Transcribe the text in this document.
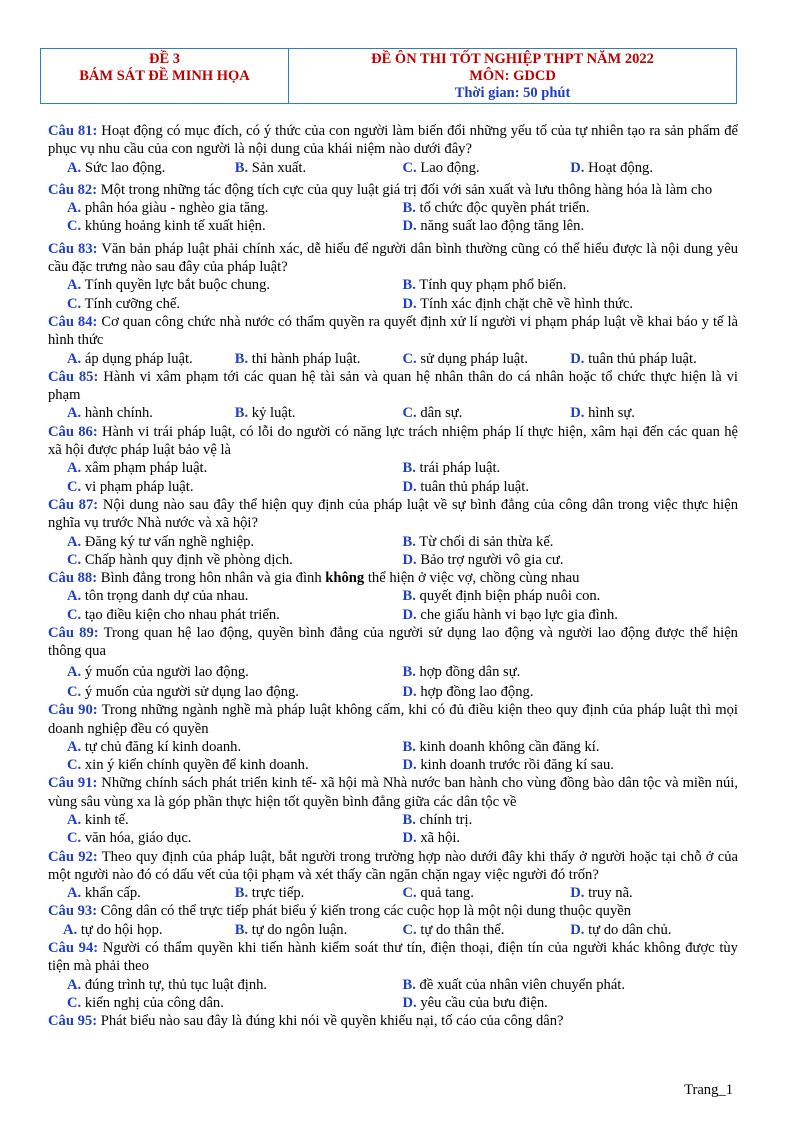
ĐỀ 3
BÁM SÁT ĐỀ MINH HỌA
ĐỀ ÔN THI TỐT NGHIỆP THPT NĂM 2022
MÔN: GDCD
Thời gian: 50 phút

Câu 81: Hoạt động có mục đích, có ý thức của con người làm biến đổi những yếu tố của tự nhiên tạo ra sản phẩm để phục vụ nhu cầu của con người là nội dung của khái niệm nào dưới đây?

A. Sức lao động.	B. Sản xuất.	C. Lao động.	D. Hoạt động.

Câu 82: Một trong những tác động tích cực của quy luật giá trị đối với sản xuất và lưu thông hàng hóa là làm cho

A. phân hóa giàu - nghèo gia tăng.	B. tổ chức độc quyền phát triển.
C. khủng hoảng kinh tế xuất hiện.	D. năng suất lao động tăng lên.

Câu 83: Văn bản pháp luật phải chính xác, dễ hiểu để người dân bình thường cũng có thể hiểu được là nội dung yêu cầu đặc trưng nào sau đây của pháp luật?

A. Tính quyền lực bắt buộc chung.	B. Tính quy phạm phổ biến.
C. Tính cưỡng chế.	D. Tính xác định chặt chẽ về hình thức.

Câu 84: Cơ quan công chức nhà nước có thẩm quyền ra quyết định xử lí người vi phạm pháp luật về khai báo y tế là hình thức

A. áp dụng pháp luật.	B. thi hành pháp luật.	C. sử dụng pháp luật.	D. tuân thủ pháp luật.

Câu 85: Hành vi xâm phạm tới các quan hệ tài sản và quan hệ nhân thân do cá nhân hoặc tổ chức thực hiện là vi phạm

A. hành chính.	B. kỷ luật.	C. dân sự.	D. hình sự.

Câu 86: Hành vi trái pháp luật, có lỗi do người có năng lực trách nhiệm pháp lí thực hiện, xâm hại đến các quan hệ xã hội được pháp luật bảo vệ là

A. xâm phạm pháp luật.	B. trái pháp luật.
C. vi phạm pháp luật.	D. tuân thủ pháp luật.

Câu 87: Nội dung nào sau đây thể hiện quy định của pháp luật về sự bình đẳng của công dân trong việc thực hiện nghĩa vụ trước Nhà nước và xã hội?

A. Đăng ký tư vấn nghề nghiệp.	B. Từ chối di sản thừa kế.
C. Chấp hành quy định về phòng dịch.	D. Bảo trợ người vô gia cư.

Câu 88: Bình đẳng trong hôn nhân và gia đình không thể hiện ở việc vợ, chồng cùng nhau

A. tôn trọng danh dự của nhau.	B. quyết định biện pháp nuôi con.
C. tạo điều kiện cho nhau phát triển.	D. che giấu hành vi bạo lực gia đình.

Câu 89: Trong quan hệ lao động, quyền bình đẳng của người sử dụng lao động và người lao động được thể hiện thông qua

A. ý muốn của người lao động.	B. hợp đồng dân sự.
C. ý muốn của người sử dụng lao động.	D. hợp đồng lao động.

Câu 90: Trong những ngành nghề mà pháp luật không cấm, khi có đủ điều kiện theo quy định của pháp luật thì mọi doanh nghiệp đều có quyền

A. tự chủ đăng kí kinh doanh.	B. kinh doanh không cần đăng kí.
C. xin ý kiến chính quyền để kinh doanh.	D. kinh doanh trước rồi đăng kí sau.

Câu 91: Những chính sách phát triển kinh tế- xã hội mà Nhà nước ban hành cho vùng đồng bào dân tộc và miền núi, vùng sâu vùng xa là góp phần thực hiện tốt quyền bình đẳng giữa các dân tộc về

A. kinh tế.	B. chính trị.
C. văn hóa, giáo dục.	D. xã hội.

Câu 92: Theo quy định của pháp luật, bắt người trong trường hợp nào dưới đây khi thấy ở người hoặc tại chỗ ở của một người nào đó có dấu vết của tội phạm và xét thấy cần ngăn chặn ngay việc người đó trốn?

A. khẩn cấp.	B. trực tiếp.	C. quả tang.	D. truy nã.

Câu 93: Công dân có thể trực tiếp phát biểu ý kiến trong các cuộc họp là một nội dung thuộc quyền

A. tự do hội họp.	B. tự do ngôn luận.	C. tự do thân thể.	D. tự do dân chủ.

Câu 94: Người có thẩm quyền khi tiến hành kiểm soát thư tín, điện thoại, điện tín của người khác không được tùy tiện mà phải theo

A. đúng trình tự, thủ tục luật định.	B. đề xuất của nhân viên chuyển phát.
C. kiến nghị của công dân.	D. yêu cầu của bưu điện.

Câu 95: Phát biểu nào sau đây là đúng khi nói về quyền khiếu nại, tố cáo của công dân?

Trang_1
